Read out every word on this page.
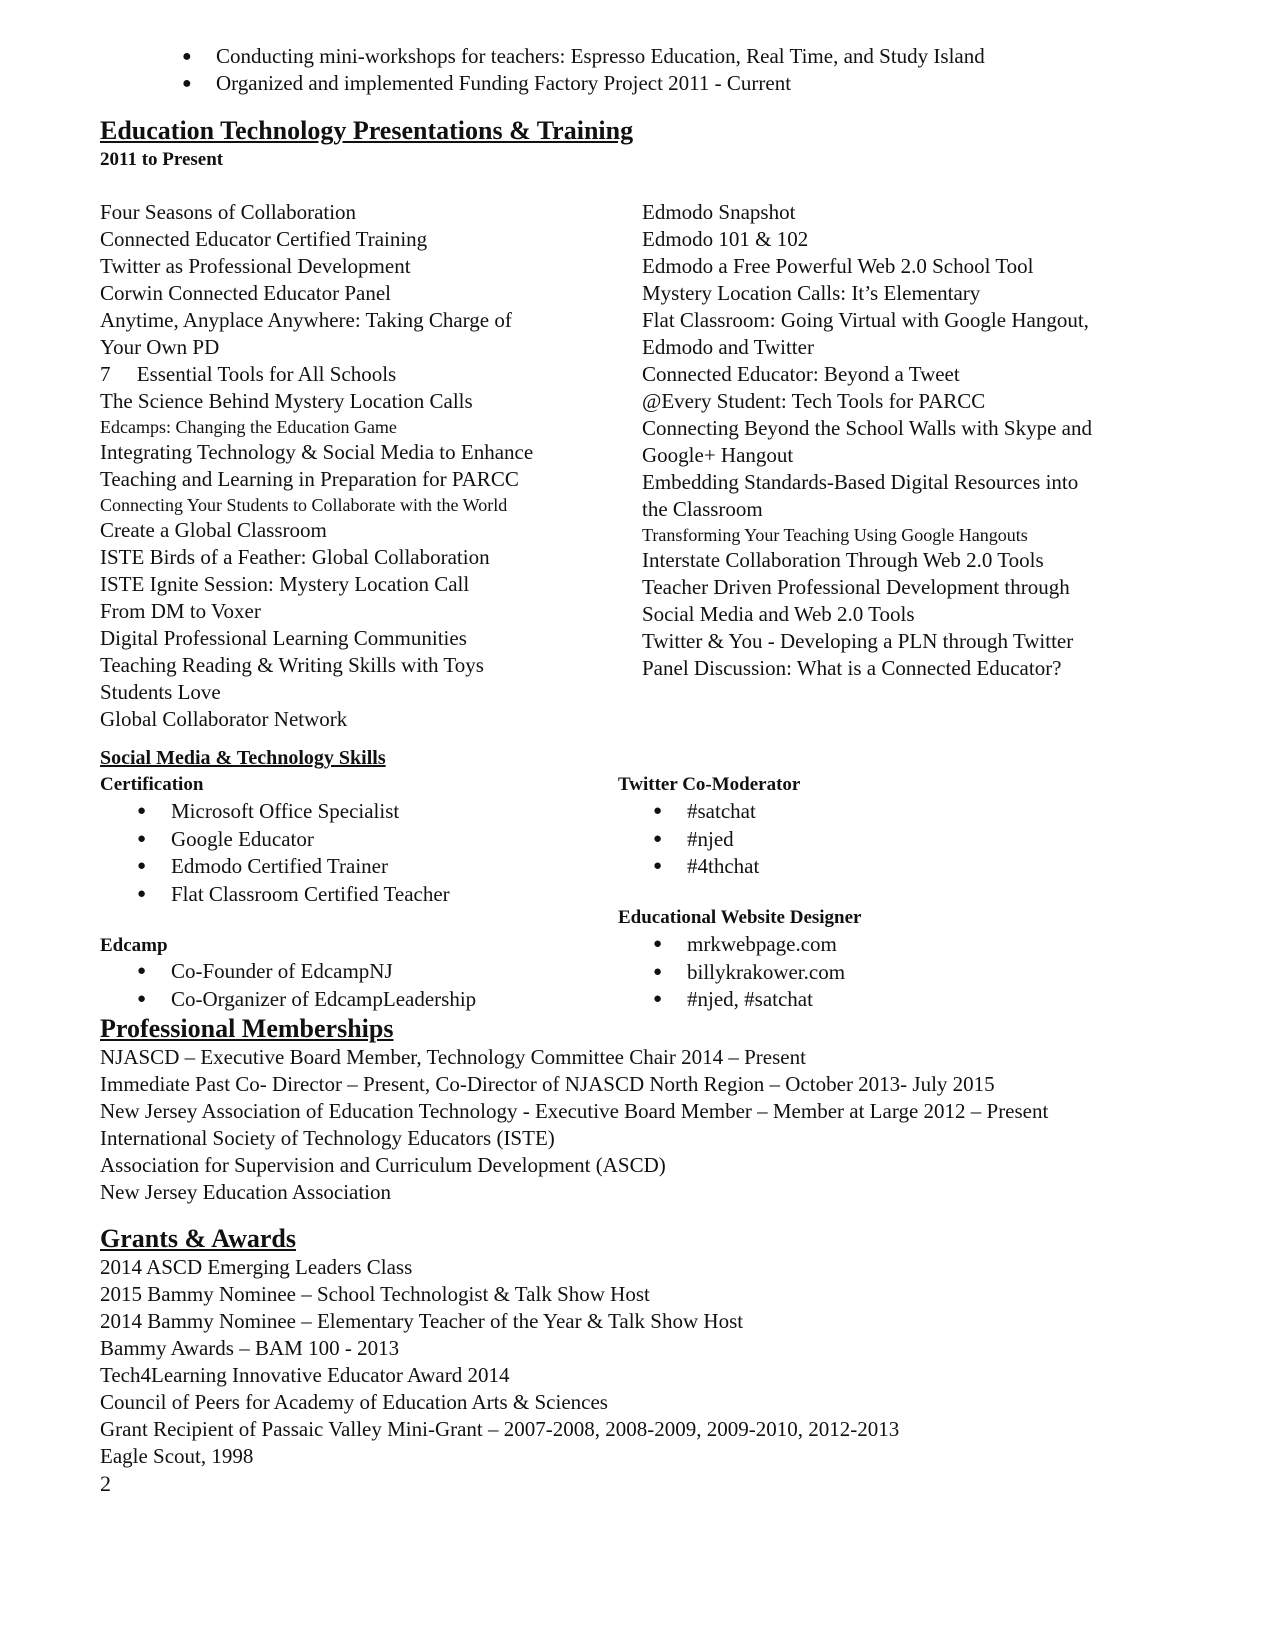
● Conducting mini-workshops for teachers: Espresso Education, Real Time, and Study Island
● Organized and implemented Funding Factory Project 2011 - Current
Education Technology Presentations & Training
2011 to Present
Four Seasons of Collaboration
Connected Educator Certified Training
Twitter as Professional Development
Corwin Connected Educator Panel
Anytime, Anyplace Anywhere: Taking Charge of
Your Own PD
7     Essential Tools for All Schools
The Science Behind Mystery Location Calls
Edcamps: Changing the Education Game
Integrating Technology & Social Media to Enhance
Teaching and Learning in Preparation for PARCC
Connecting Your Students to Collaborate with the World
Create a Global Classroom
ISTE Birds of a Feather: Global Collaboration
ISTE Ignite Session: Mystery Location Call
From DM to Voxer
Digital Professional Learning Communities
Teaching Reading & Writing Skills with Toys
Students Love
Global Collaborator Network
Edmodo Snapshot
Edmodo 101 & 102
Edmodo a Free Powerful Web 2.0 School Tool
Mystery Location Calls: It’s Elementary
Flat Classroom: Going Virtual with Google Hangout,
Edmodo and Twitter
Connected Educator: Beyond a Tweet
@Every Student: Tech Tools for PARCC
Connecting Beyond the School Walls with Skype and
Google+ Hangout
Embedding Standards-Based Digital Resources into
the Classroom
Transforming Your Teaching Using Google Hangouts
Interstate Collaboration Through Web 2.0 Tools
Teacher Driven Professional Development through
Social Media and Web 2.0 Tools
Twitter & You - Developing a PLN through Twitter
Panel Discussion: What is a Connected Educator?
Social Media & Technology Skills
Certification
● Microsoft Office Specialist
● Google Educator
● Edmodo Certified Trainer
● Flat Classroom Certified Teacher
Edcamp
● Co-Founder of EdcampNJ
● Co-Organizer of EdcampLeadership
Twitter Co-Moderator
● #satchat
● #njed
● #4thchat
Educational Website Designer
● mrkwebpage.com
● billykrakower.com
● #njed, #satchat
Professional Memberships
NJASCD – Executive Board Member, Technology Committee Chair 2014 – Present
Immediate Past Co- Director – Present, Co-Director of NJASCD North Region – October 2013- July 2015
New Jersey Association of Education Technology - Executive Board Member – Member at Large 2012 – Present
International Society of Technology Educators (ISTE)
Association for Supervision and Curriculum Development (ASCD)
New Jersey Education Association
Grants & Awards
2014 ASCD Emerging Leaders Class
2015 Bammy Nominee – School Technologist & Talk Show Host
2014 Bammy Nominee – Elementary Teacher of the Year & Talk Show Host
Bammy Awards – BAM 100 - 2013
Tech4Learning Innovative Educator Award 2014
Council of Peers for Academy of Education Arts & Sciences
Grant Recipient of Passaic Valley Mini-Grant – 2007-2008, 2008-2009, 2009-2010, 2012-2013
Eagle Scout, 1998
2
